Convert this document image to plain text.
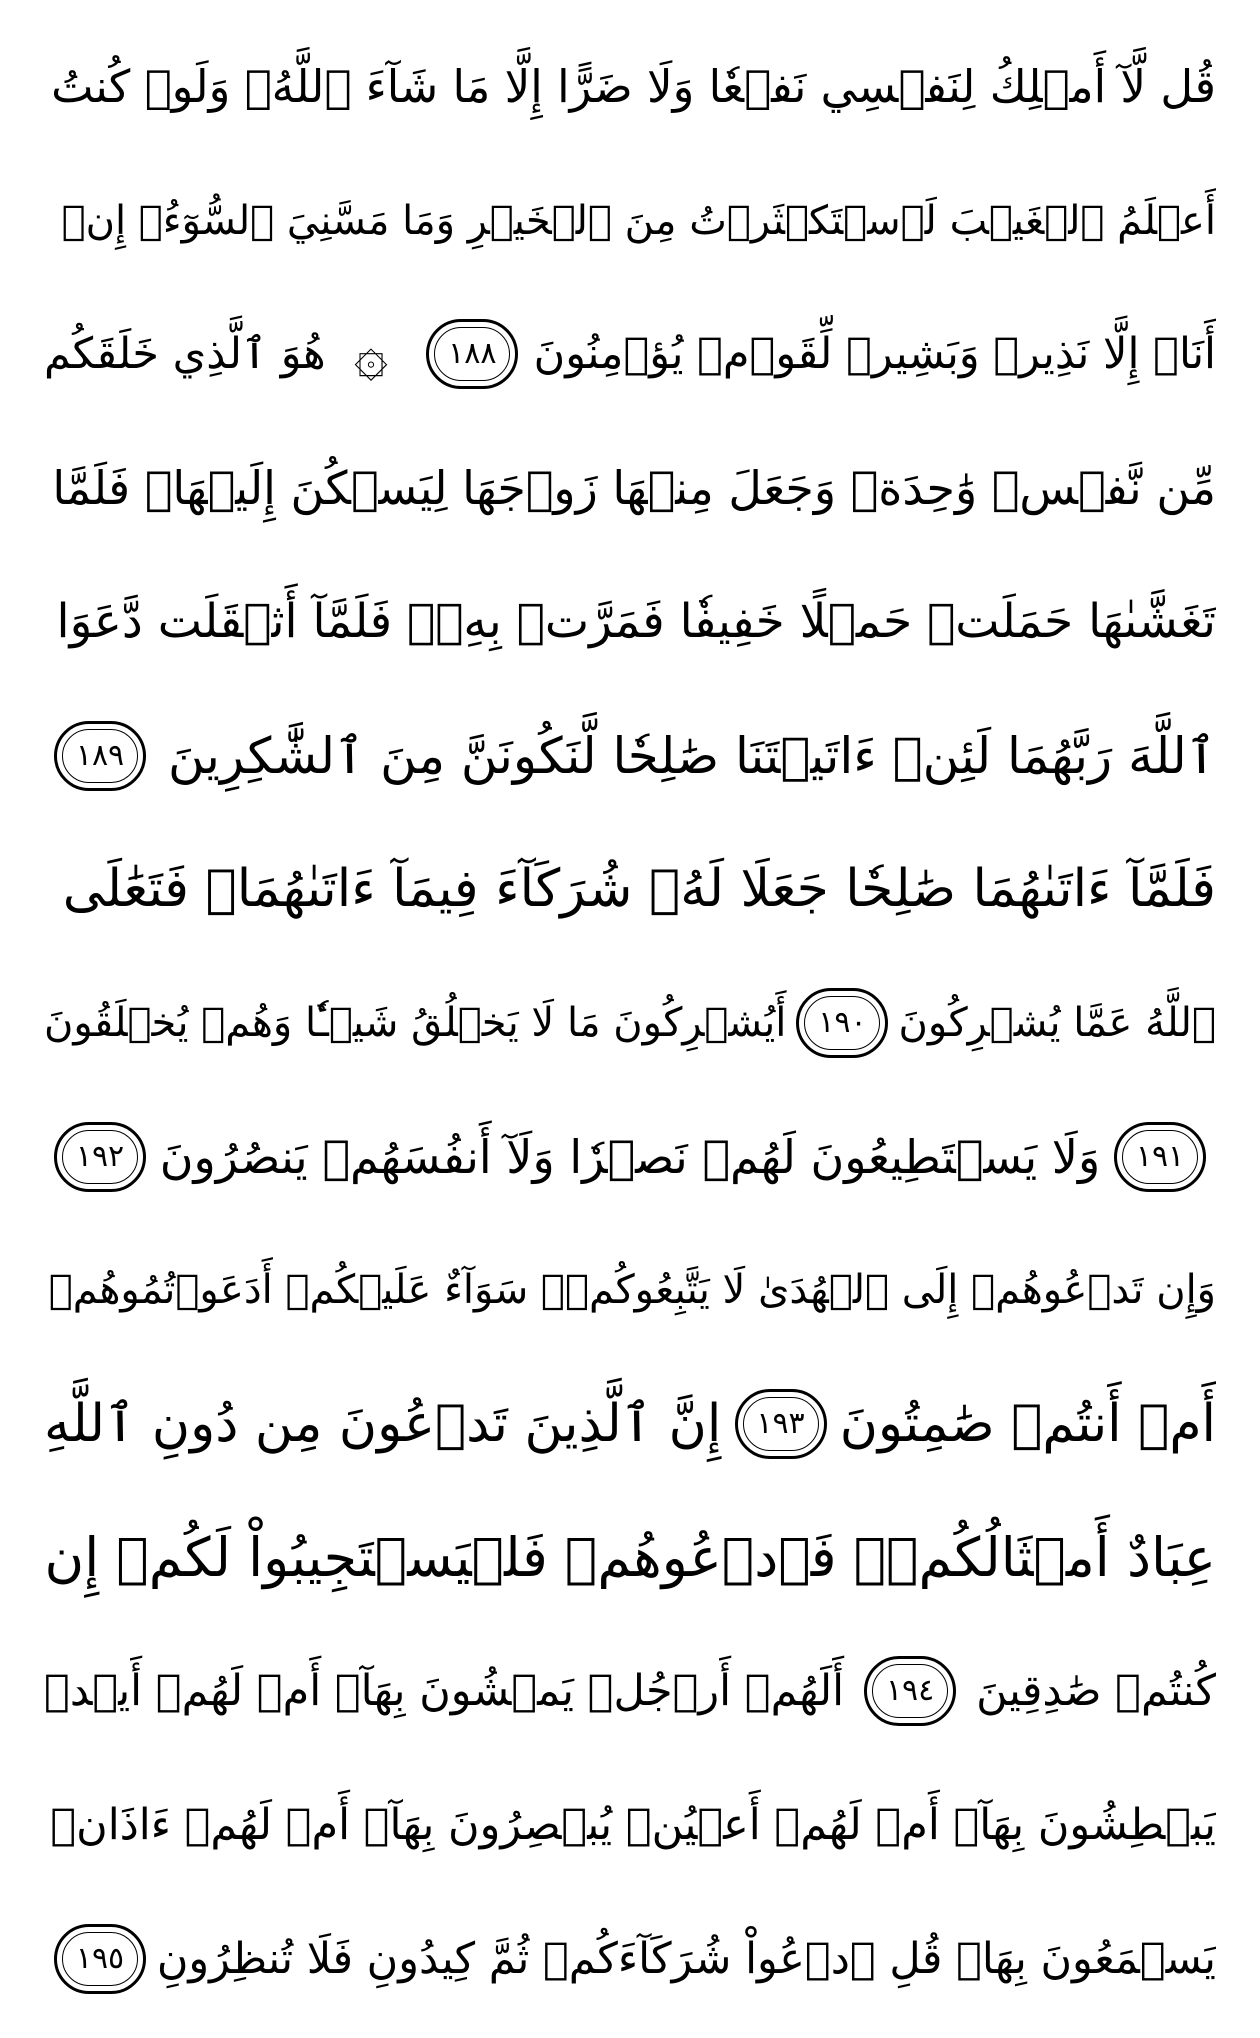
قُل لَّآ أَمۡلِكُ لِنَفۡسِي نَفۡعٗا وَلَا ضَرًّا إِلَّا مَا شَآءَ ٱللَّهُۚ وَلَوۡ كُنتُ
أَعۡلَمُ ٱلۡغَيۡبَ لَٱسۡتَكۡثَرۡتُ مِنَ ٱلۡخَيۡرِ وَمَا مَسَّنِيَ ٱلسُّوٓءُۚ إِنۡ
أَنَا۠ إِلَّا نَذِيرٞ وَبَشِيرٞ لِّقَوۡمٖ يُؤۡمِنُونَ
١٨٨
۞
هُوَ ٱلَّذِي خَلَقَكُم
مِّن نَّفۡسٖ وَٰحِدَةٖ وَجَعَلَ مِنۡهَا زَوۡجَهَا لِيَسۡكُنَ إِلَيۡهَاۖ فَلَمَّا
تَغَشَّىٰهَا حَمَلَتۡ حَمۡلًا خَفِيفٗا فَمَرَّتۡ بِهِۦۖ فَلَمَّآ أَثۡقَلَت دَّعَوَا
ٱللَّهَ رَبَّهُمَا لَئِنۡ ءَاتَيۡتَنَا صَٰلِحٗا لَّنَكُونَنَّ مِنَ ٱلشَّٰكِرِينَ
١٨٩
فَلَمَّآ ءَاتَىٰهُمَا صَٰلِحٗا جَعَلَا لَهُۥ شُرَكَآءَ فِيمَآ ءَاتَىٰهُمَاۚ فَتَعَٰلَى
ٱللَّهُ عَمَّا يُشۡرِكُونَ
١٩٠
أَيُشۡرِكُونَ مَا لَا يَخۡلُقُ شَيۡـٔٗا وَهُمۡ يُخۡلَقُونَ
١٩١
وَلَا يَسۡتَطِيعُونَ لَهُمۡ نَصۡرٗا وَلَآ أَنفُسَهُمۡ يَنصُرُونَ
١٩٢
وَإِن تَدۡعُوهُمۡ إِلَى ٱلۡهُدَىٰ لَا يَتَّبِعُوكُمۡۚ سَوَآءٌ عَلَيۡكُمۡ أَدَعَوۡتُمُوهُمۡ
أَمۡ أَنتُمۡ صَٰمِتُونَ
١٩٣
إِنَّ ٱلَّذِينَ تَدۡعُونَ مِن دُونِ ٱللَّهِ
عِبَادٌ أَمۡثَالُكُمۡۖ فَٱدۡعُوهُمۡ فَلۡيَسۡتَجِيبُواْ لَكُمۡ إِن
كُنتُمۡ صَٰدِقِينَ
١٩٤
أَلَهُمۡ أَرۡجُلٞ يَمۡشُونَ بِهَآۖ أَمۡ لَهُمۡ أَيۡدٖ
يَبۡطِشُونَ بِهَآۖ أَمۡ لَهُمۡ أَعۡيُنٞ يُبۡصِرُونَ بِهَآۖ أَمۡ لَهُمۡ ءَاذَانٞ
يَسۡمَعُونَ بِهَاۗ قُلِ ٱدۡعُواْ شُرَكَآءَكُمۡ ثُمَّ كِيدُونِ فَلَا تُنظِرُونِ
١٩٥
